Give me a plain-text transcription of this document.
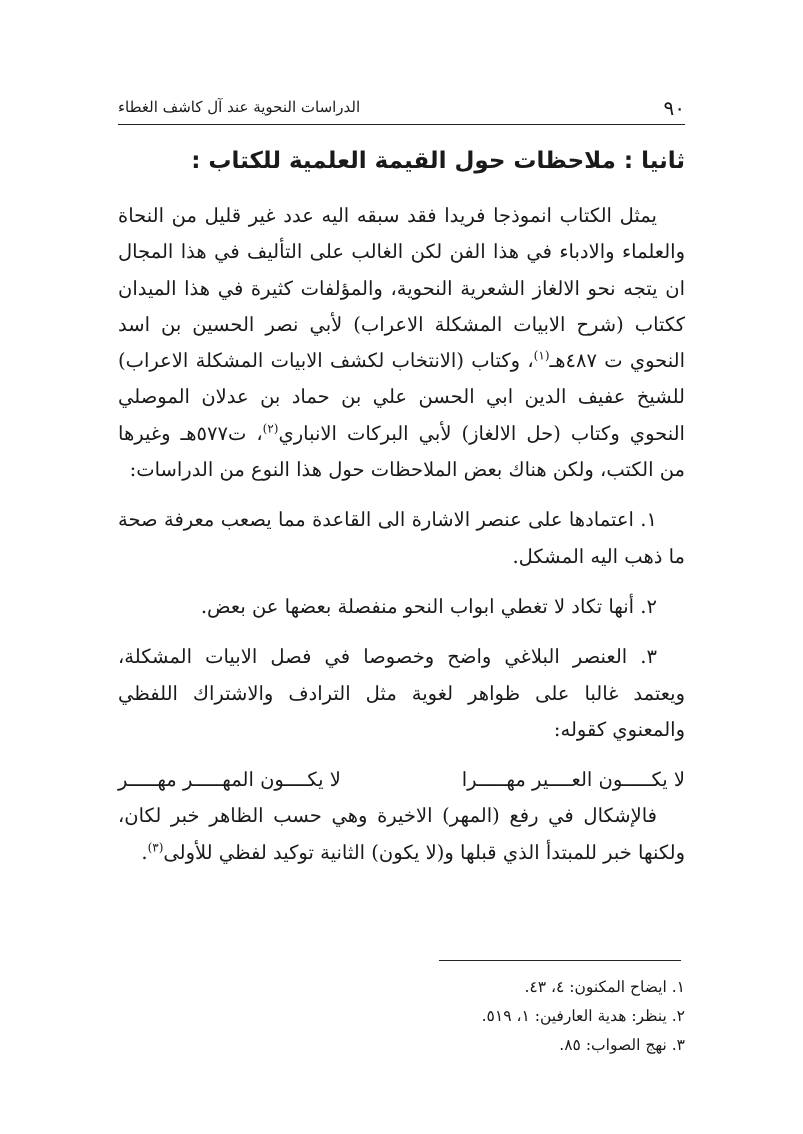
٩٠
الدراسات النحوية عند آل كاشف الغطاء
ثانيا : ملاحظات حول القيمة العلمية للكتاب :

يمثل الكتاب انموذجا فريدا فقد سبقه اليه عدد غير قليل من النحاة والعلماء والادباء في هذا الفن لكن الغالب على التأليف في هذا المجال ان يتجه نحو الالغاز الشعرية النحوية، والمؤلفات كثيرة في هذا الميدان ككتاب (شرح الابيات المشكلة الاعراب) لأبي نصر الحسين بن اسد النحوي ت ٤٨٧هـ$^{(١)}$، وكتاب (الانتخاب لكشف الابيات المشكلة الاعراب) للشيخ عفيف الدين ابي الحسن علي بن حماد بن عدلان الموصلي النحوي وكتاب (حل الالغاز) لأبي البركات الانباري$^{(٢)}$، ت٥٧٧هـ وغيرها من الكتب، ولكن هناك بعض الملاحظات حول هذا النوع من الدراسات:

١. اعتمادها على عنصر الاشارة الى القاعدة مما يصعب معرفة صحة ما ذهب اليه المشكل.

٢. أنها تكاد لا تغطي ابواب النحو منفصلة بعضها عن بعض.

٣. العنصر البلاغي واضح وخصوصا في فصل الابيات المشكلة، ويعتمد غالبا على ظواهر لغوية مثل الترادف والاشتراك اللفظي والمعنوي كقوله:

لا يكـــــون العــــير مهـــــرا
لا يكــــون المهـــــر مهـــــر

فالإشكال في رفع (المهر) الاخيرة وهي حسب الظاهر خبر لكان، ولكنها خبر للمبتدأ الذي قبلها و(لا يكون) الثانية توكيد لفظي للأولى$^{(٣)}$.

١. ايضاح المكنون: ٤، ٤٣.
٢. ينظر: هدية العارفين: ١، ٥١٩.
٣. نهج الصواب: ٨٥.
